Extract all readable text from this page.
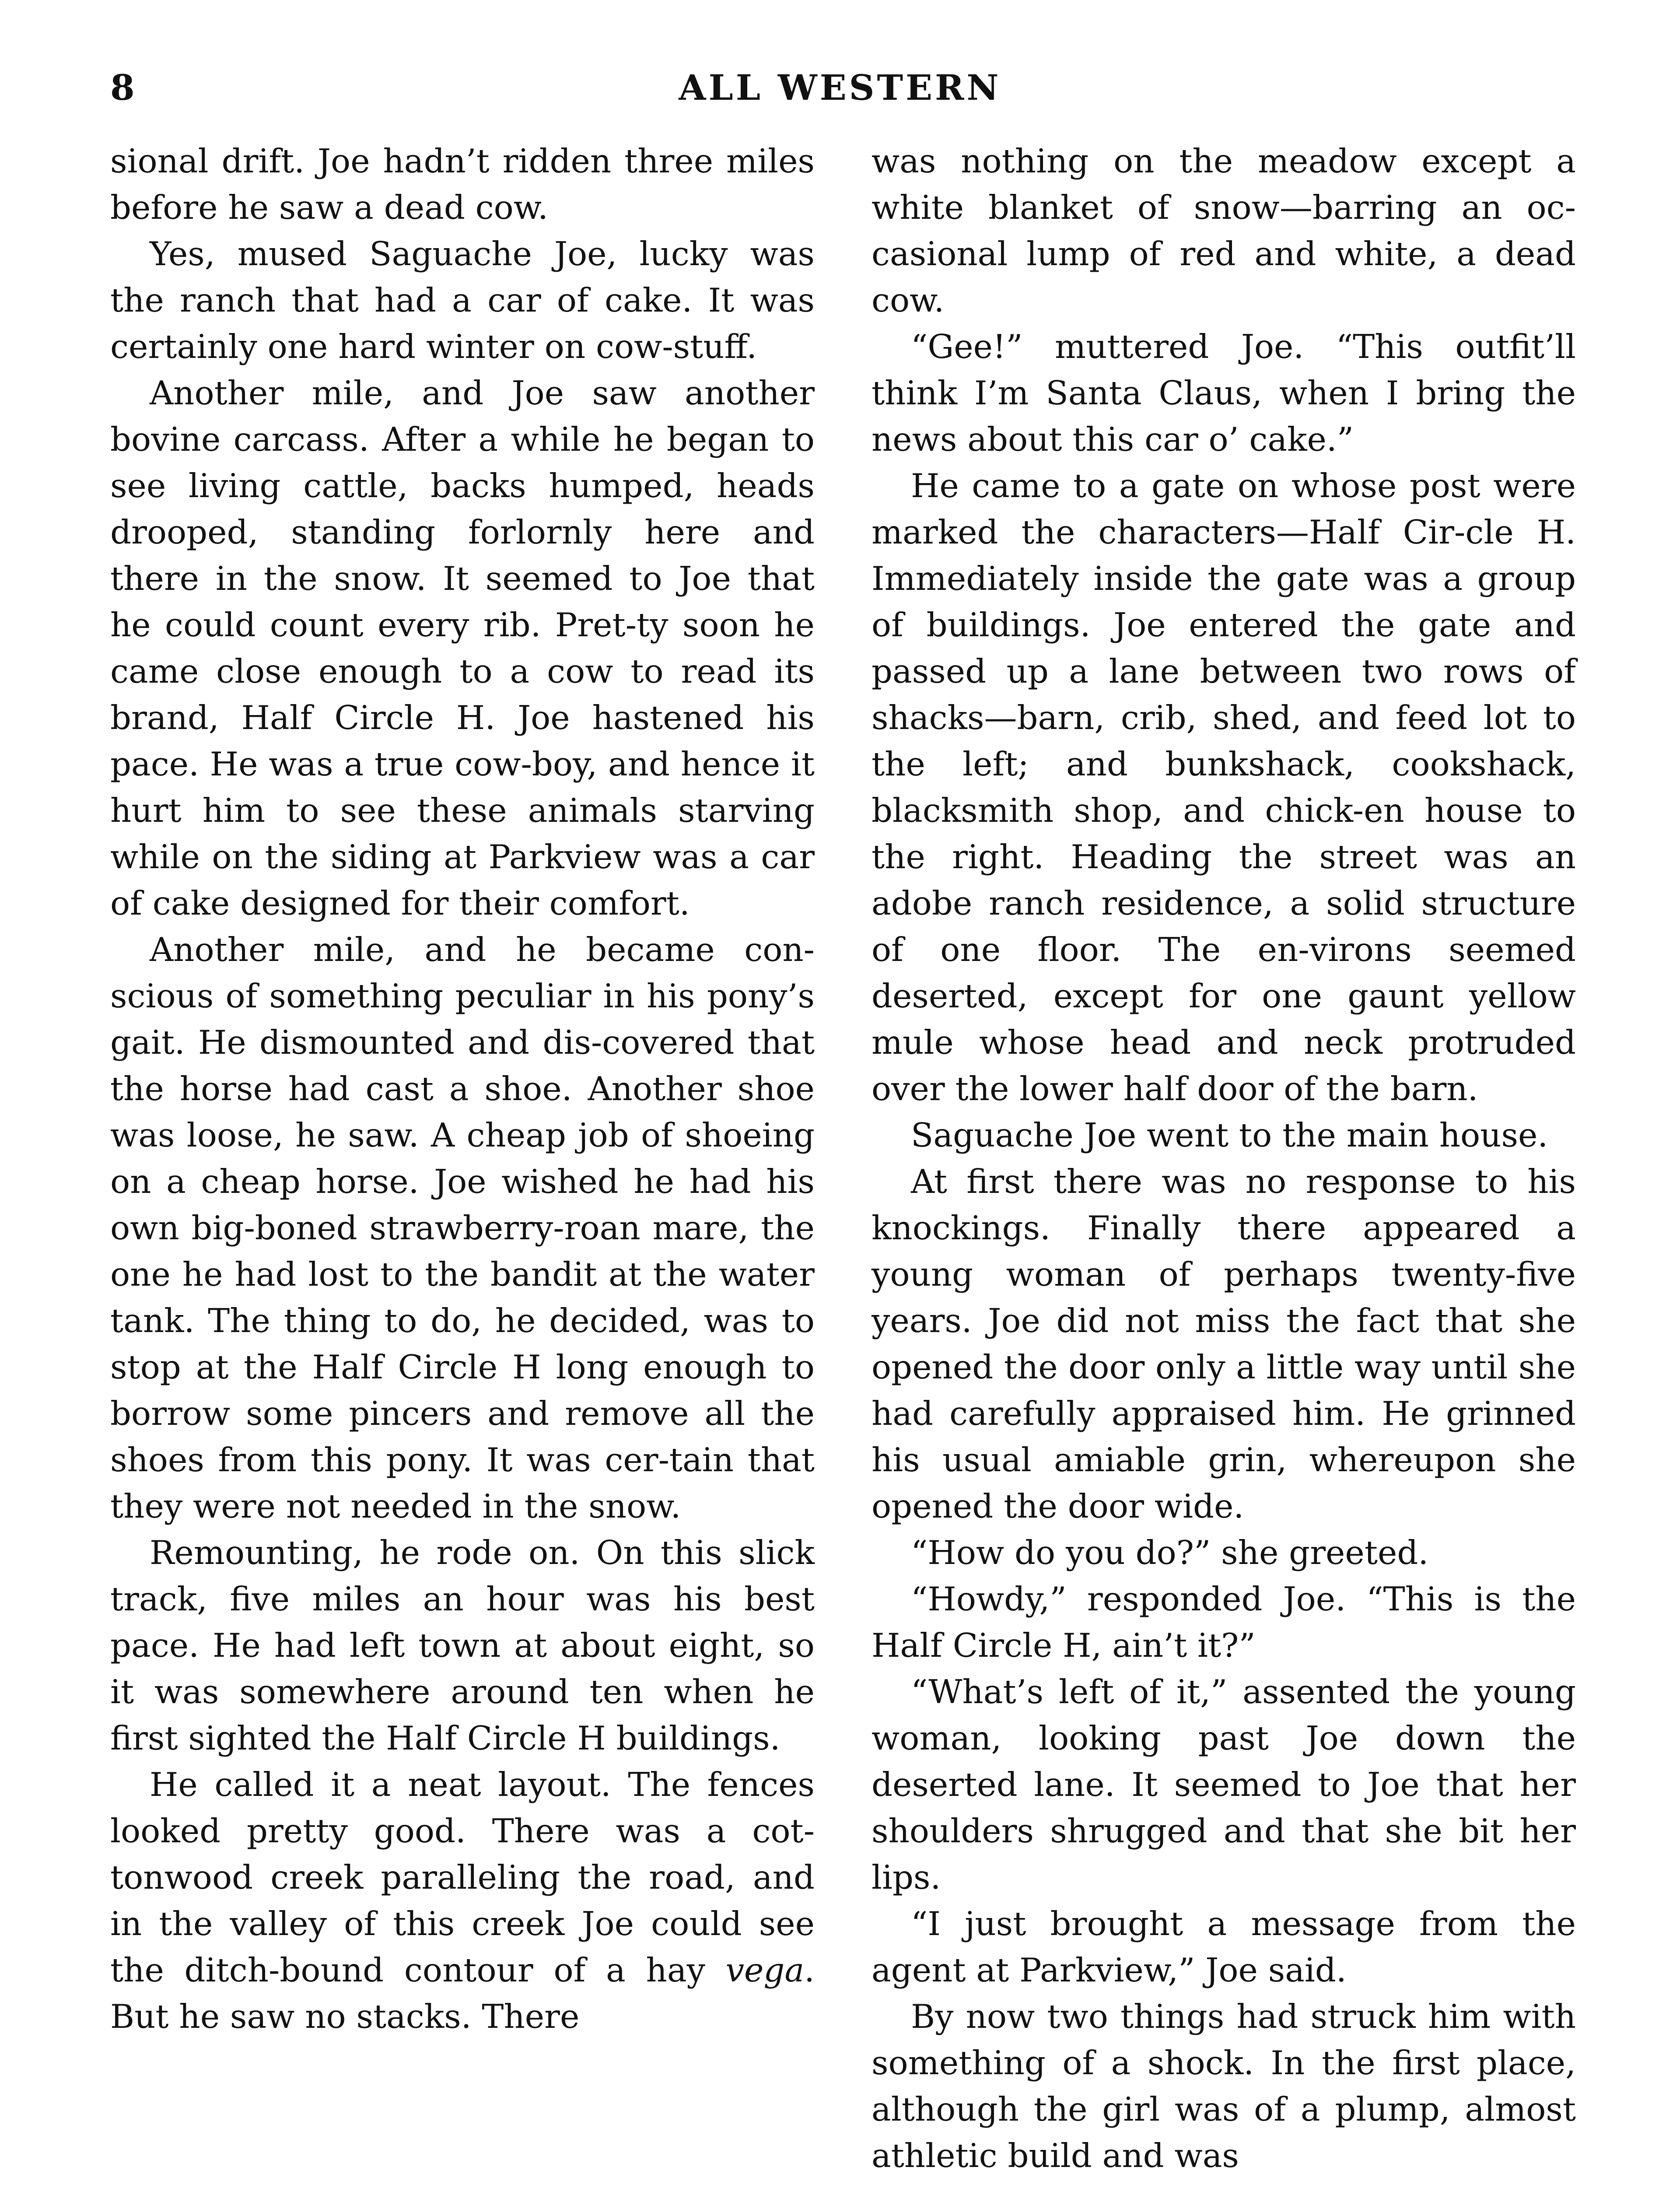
8	ALL WESTERN

sional drift. Joe hadn’t ridden three miles before he saw a dead cow.

Yes, mused Saguache Joe, lucky was the ranch that had a car of cake. It was certainly one hard winter on cow-stuff.

Another mile, and Joe saw another bovine carcass. After a while he began to see living cattle, backs humped, heads drooped, standing forlornly here and there in the snow. It seemed to Joe that he could count every rib. Pret-ty soon he came close enough to a cow to read its brand, Half Circle H. Joe hastened his pace. He was a true cow-boy, and hence it hurt him to see these animals starving while on the siding at Parkview was a car of cake designed for their comfort.

Another mile, and he became con-scious of something peculiar in his pony’s gait. He dismounted and dis-covered that the horse had cast a shoe. Another shoe was loose, he saw. A cheap job of shoeing on a cheap horse. Joe wished he had his own big-boned strawberry-roan mare, the one he had lost to the bandit at the water tank. The thing to do, he decided, was to stop at the Half Circle H long enough to borrow some pincers and remove all the shoes from this pony. It was cer-tain that they were not needed in the snow.

Remounting, he rode on. On this slick track, five miles an hour was his best pace. He had left town at about eight, so it was somewhere around ten when he first sighted the Half Circle H buildings.

He called it a neat layout. The fences looked pretty good. There was a cot-tonwood creek paralleling the road, and in the valley of this creek Joe could see the ditch-bound contour of a hay vega. But he saw no stacks. There

was nothing on the meadow except a white blanket of snow—barring an oc-casional lump of red and white, a dead cow.

“Gee!” muttered Joe. “This outfit’ll think I’m Santa Claus, when I bring the news about this car o’ cake.”

He came to a gate on whose post were marked the characters—Half Cir-cle H. Immediately inside the gate was a group of buildings. Joe entered the gate and passed up a lane between two rows of shacks—barn, crib, shed, and feed lot to the left; and bunkshack, cookshack, blacksmith shop, and chick-en house to the right. Heading the street was an adobe ranch residence, a solid structure of one floor. The en-virons seemed deserted, except for one gaunt yellow mule whose head and neck protruded over the lower half door of the barn.

Saguache Joe went to the main house.

At first there was no response to his knockings. Finally there appeared a young woman of perhaps twenty-five years. Joe did not miss the fact that she opened the door only a little way until she had carefully appraised him. He grinned his usual amiable grin, whereupon she opened the door wide.

“How do you do?” she greeted.

“Howdy,” responded Joe. “This is the Half Circle H, ain’t it?”

“What’s left of it,” assented the young woman, looking past Joe down the deserted lane. It seemed to Joe that her shoulders shrugged and that she bit her lips.

“I just brought a message from the agent at Parkview,” Joe said.

By now two things had struck him with something of a shock. In the first place, although the girl was of a plump, almost athletic build and was
